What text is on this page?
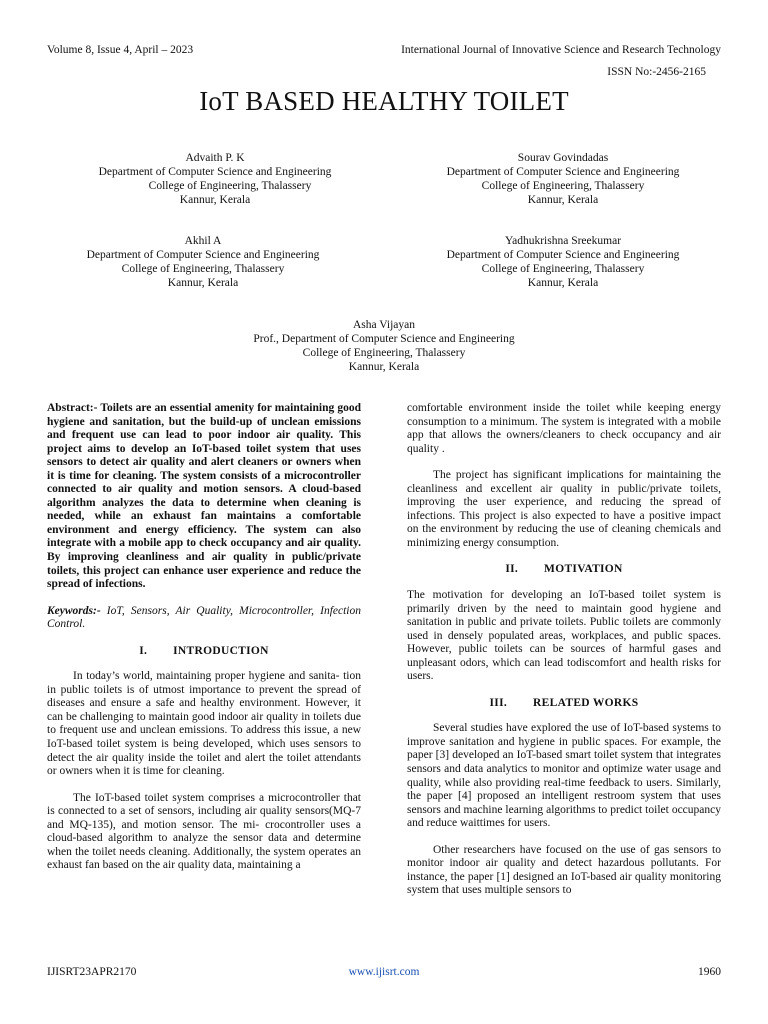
Volume 8, Issue 4, April – 2023	International Journal of Innovative Science and Research Technology
ISSN No:-2456-2165
IoT BASED HEALTHY TOILET
Advaith P. K
Department of Computer Science and Engineering
College of Engineering, Thalassery
Kannur, Kerala
Sourav Govindadas
Department of Computer Science and Engineering
College of Engineering, Thalassery
Kannur, Kerala
Akhil A
Department of Computer Science and Engineering
College of Engineering, Thalassery
Kannur, Kerala
Yadhukrishna Sreekumar
Department of Computer Science and Engineering
College of Engineering, Thalassery
Kannur, Kerala
Asha Vijayan
Prof., Department of Computer Science and Engineering
College of Engineering, Thalassery
Kannur, Kerala

Abstract:- Toilets are an essential amenity for maintaining good hygiene and sanitation, but the build-up of unclean emissions and frequent use can lead to poor indoor air quality. This project aims to develop an IoT-based toilet system that uses sensors to detect air quality and alert cleaners or owners when it is time for cleaning. The system consists of a microcontroller connected to air quality and motion sensors. A cloud-based algorithm analyzes the data to determine when cleaning is needed, while an exhaust fan maintains a comfortable environment and energy efficiency. The system can also integrate with a mobile app to check occupancy and air quality. By improving cleanliness and air quality in public/private toilets, this project can enhance user experience and reduce the spread of infections.

Keywords:- IoT, Sensors, Air Quality, Microcontroller, Infection Control.

I. INTRODUCTION

In today’s world, maintaining proper hygiene and sanita- tion in public toilets is of utmost importance to prevent the spread of diseases and ensure a safe and healthy environment. However, it can be challenging to maintain good indoor air quality in toilets due to frequent use and unclean emissions. To address this issue, a new IoT-based toilet system is being developed, which uses sensors to detect the air quality inside the toilet and alert the toilet attendants or owners when it is time for cleaning.

The IoT-based toilet system comprises a microcontroller that is connected to a set of sensors, including air quality sensors(MQ-7 and MQ-135), and motion sensor. The mi- crocontroller uses a cloud-based algorithm to analyze the sensor data and determine when the toilet needs cleaning. Additionally, the system operates an exhaust fan based on the air quality data, maintaining a

comfortable environment inside the toilet while keeping energy consumption to a minimum. The system is integrated with a mobile app that allows the owners/cleaners to check occupancy and air quality .

The project has significant implications for maintaining the cleanliness and excellent air quality in public/private toilets, improving the user experience, and reducing the spread of infections. This project is also expected to have a positive impact on the environment by reducing the use of cleaning chemicals and minimizing energy consumption.

II. MOTIVATION

The motivation for developing an IoT-based toilet system is primarily driven by the need to maintain good hygiene and sanitation in public and private toilets. Public toilets are commonly used in densely populated areas, workplaces, and public spaces. However, public toilets can be sources of harmful gases and unpleasant odors, which can lead todiscomfort and health risks for users.

III. RELATED WORKS

Several studies have explored the use of IoT-based systems to improve sanitation and hygiene in public spaces. For example, the paper [3] developed an IoT-based smart toilet system that integrates sensors and data analytics to monitor and optimize water usage and quality, while also providing real-time feedback to users. Similarly, the paper [4] proposed an intelligent restroom system that uses sensors and machine learning algorithms to predict toilet occupancy and reduce waittimes for users.

Other researchers have focused on the use of gas sensors to monitor indoor air quality and detect hazardous pollutants. For instance, the paper [1] designed an IoT-based air quality monitoring system that uses multiple sensors to

IJISRT23APR2170	www.ijisrt.com	1960
